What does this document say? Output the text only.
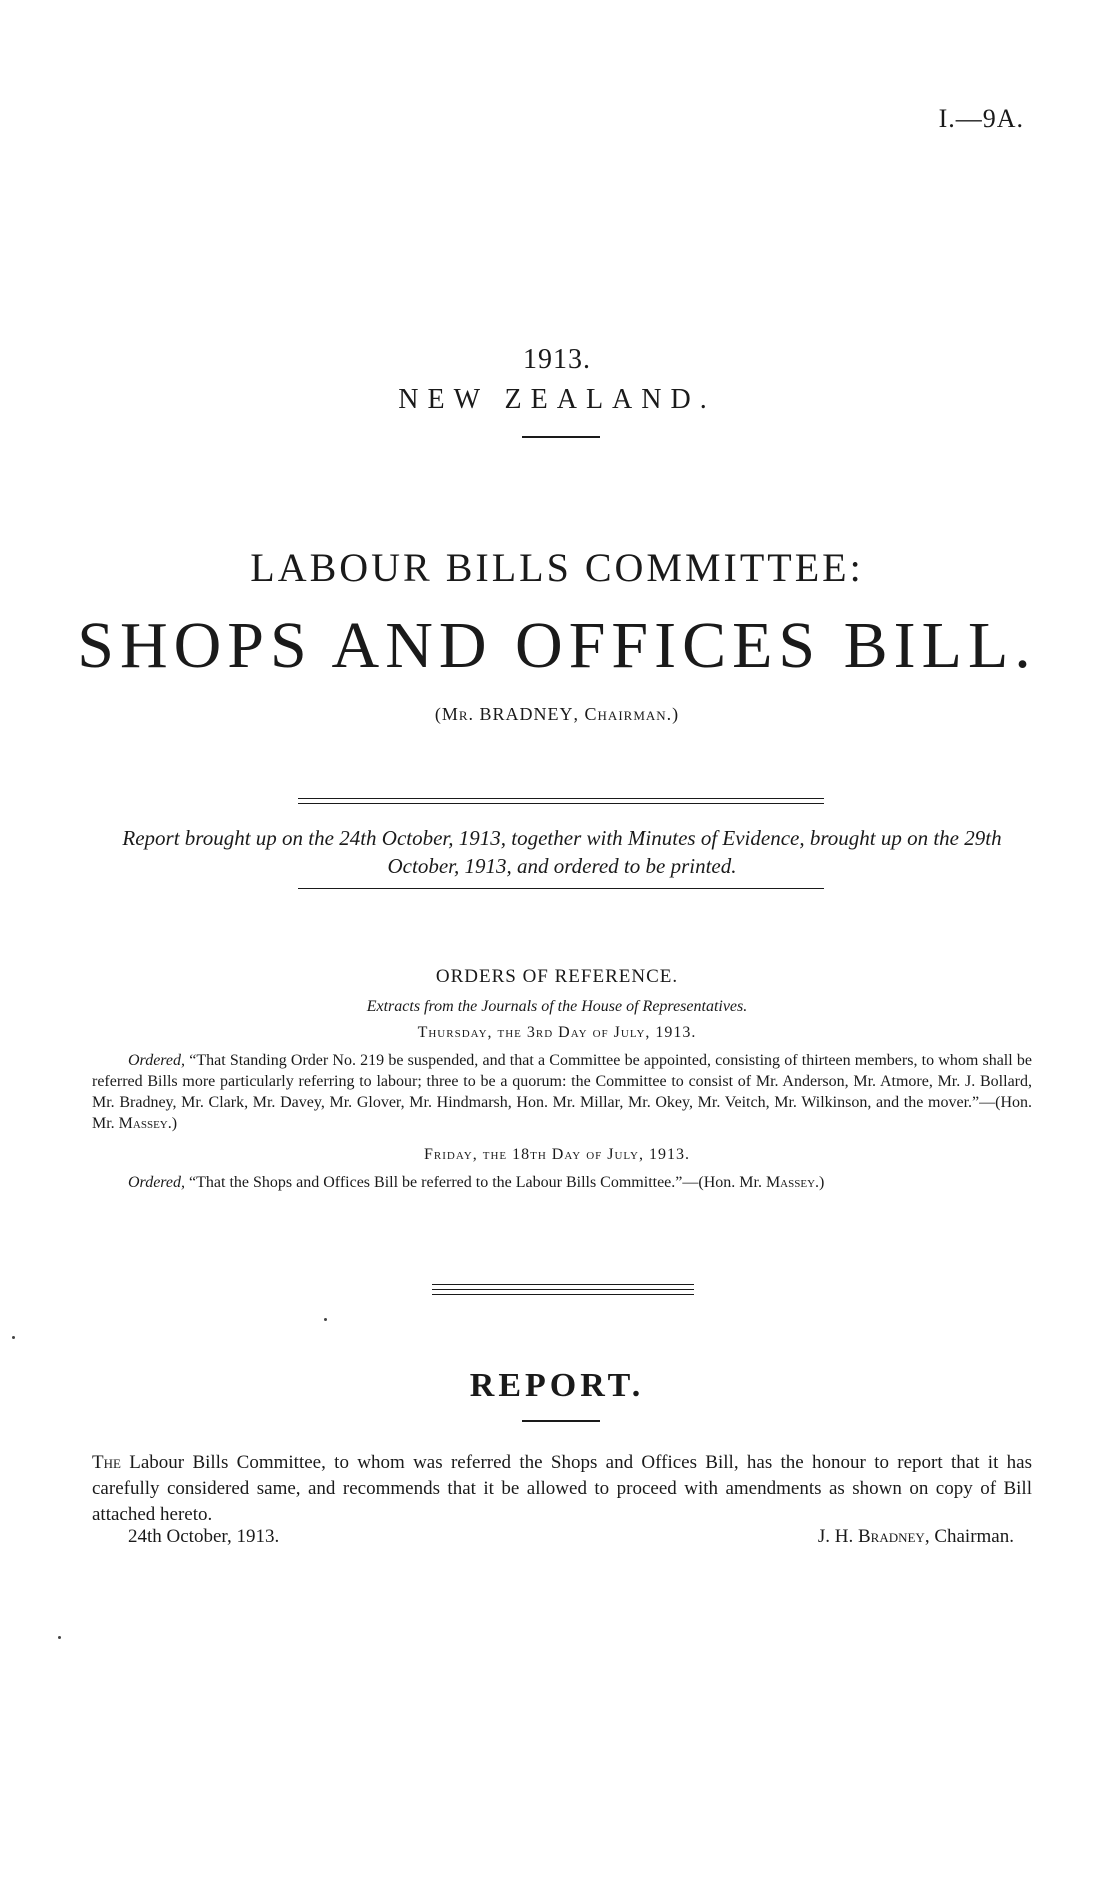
I.—9A.
1913.
NEW ZEALAND.
LABOUR BILLS COMMITTEE:
SHOPS AND OFFICES BILL.
(Mr. BRADNEY, Chairman.)
Report brought up on the 24th October, 1913, together with Minutes of Evidence, brought up on the 29th October, 1913, and ordered to be printed.
ORDERS OF REFERENCE.
Extracts from the Journals of the House of Representatives.
Thursday, the 3rd Day of July, 1913.
Ordered, “That Standing Order No. 219 be suspended, and that a Committee be appointed, consisting of thirteen members, to whom shall be referred Bills more particularly referring to labour; three to be a quorum: the Committee to consist of Mr. Anderson, Mr. Atmore, Mr. J. Bollard, Mr. Bradney, Mr. Clark, Mr. Davey, Mr. Glover, Mr. Hindmarsh, Hon. Mr. Millar, Mr. Okey, Mr. Veitch, Mr. Wilkinson, and the mover.”—(Hon. Mr. Massey.)
Friday, the 18th Day of July, 1913.
Ordered, “That the Shops and Offices Bill be referred to the Labour Bills Committee.”—(Hon. Mr. Massey.)
REPORT.
The Labour Bills Committee, to whom was referred the Shops and Offices Bill, has the honour to report that it has carefully considered same, and recommends that it be allowed to proceed with amendments as shown on copy of Bill attached hereto.
24th October, 1913.	J. H. Bradney, Chairman.
